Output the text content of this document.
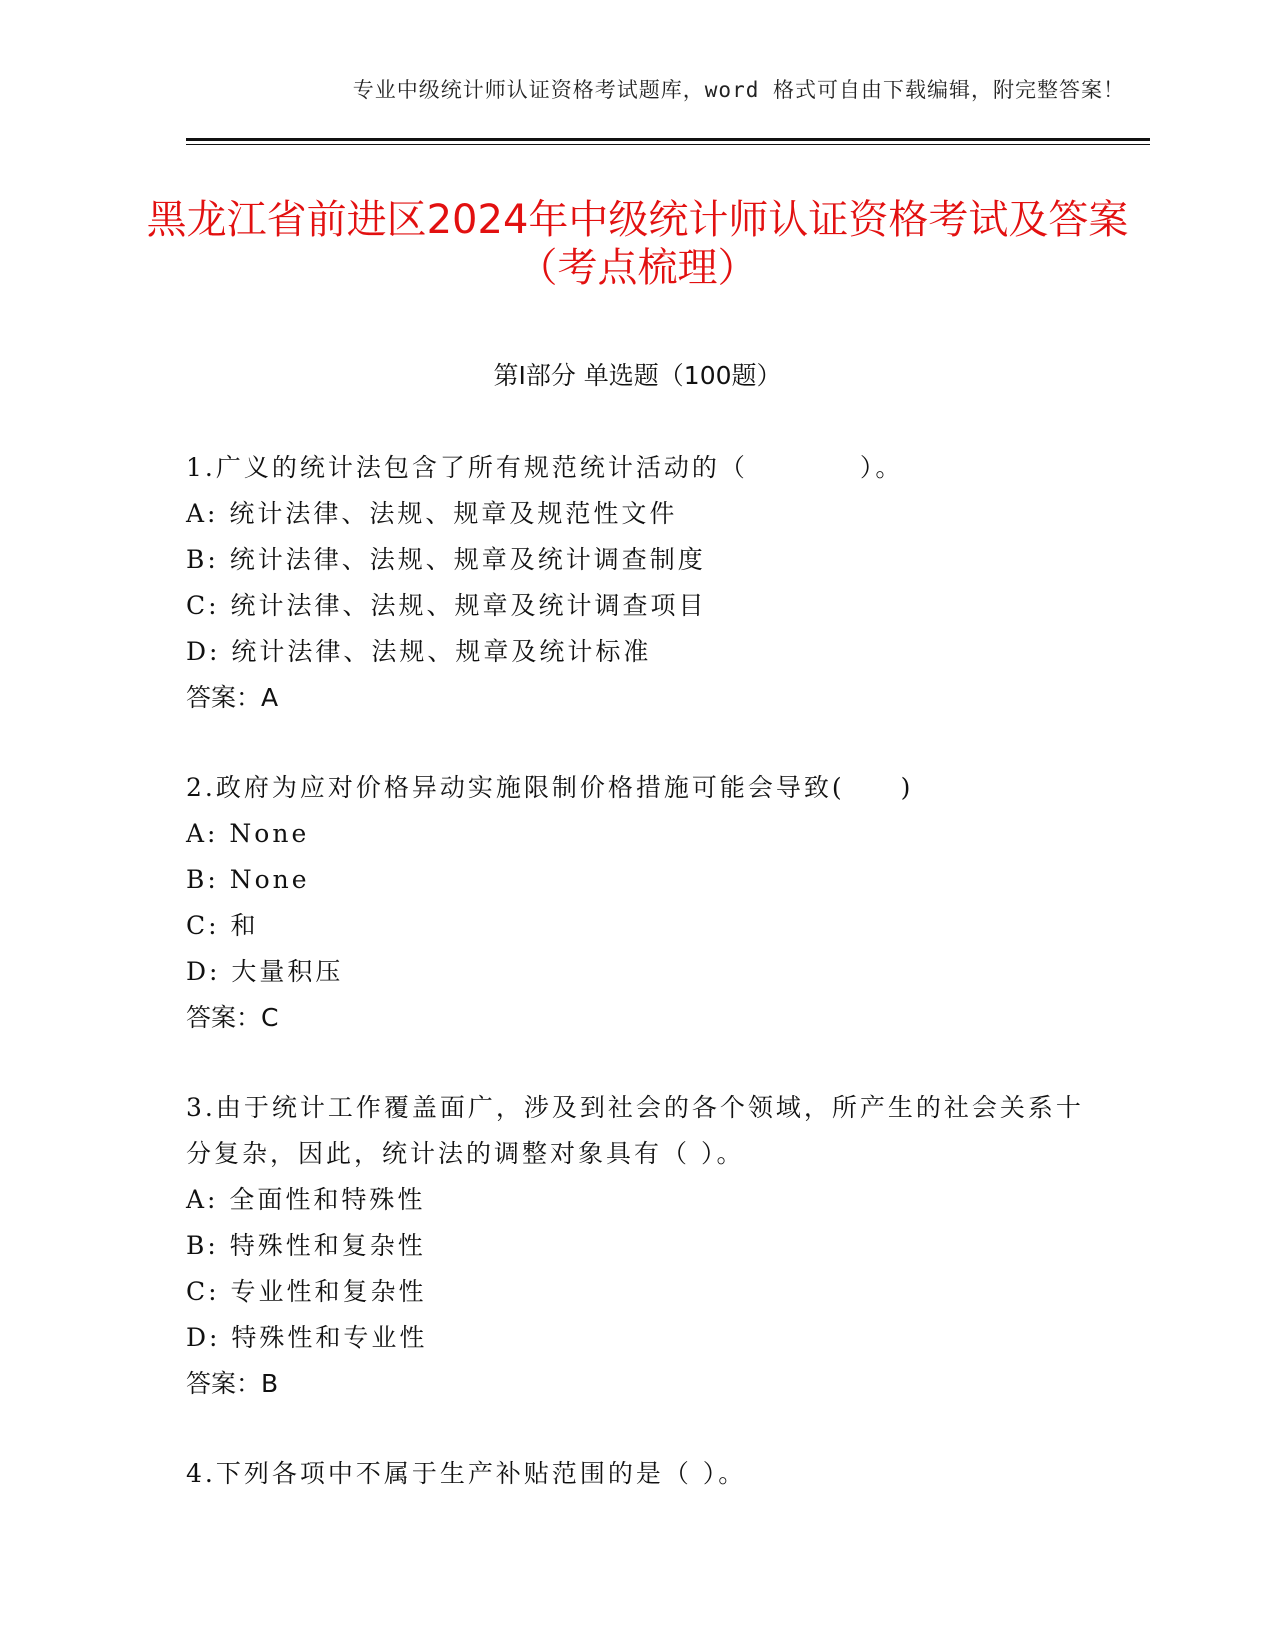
专业中级统计师认证资格考试题库，word 格式可自由下载编辑，附完整答案！
黑龙江省前进区2024年中级统计师认证资格考试及答案（考点梳理）
第Ⅰ部分 单选题（100题）
1.广义的统计法包含了所有规范统计活动的（　　　　）。
A: 统计法律、法规、规章及规范性文件
B: 统计法律、法规、规章及统计调查制度
C: 统计法律、法规、规章及统计调查项目
D: 统计法律、法规、规章及统计标准
答案：A
2.政府为应对价格异动实施限制价格措施可能会导致(　　)
A: None
B: None
C: 和
D: 大量积压
答案：C
3.由于统计工作覆盖面广，涉及到社会的各个领域，所产生的社会关系十分复杂，因此，统计法的调整对象具有（ ）。
A: 全面性和特殊性
B: 特殊性和复杂性
C: 专业性和复杂性
D: 特殊性和专业性
答案：B
4.下列各项中不属于生产补贴范围的是（ ）。
